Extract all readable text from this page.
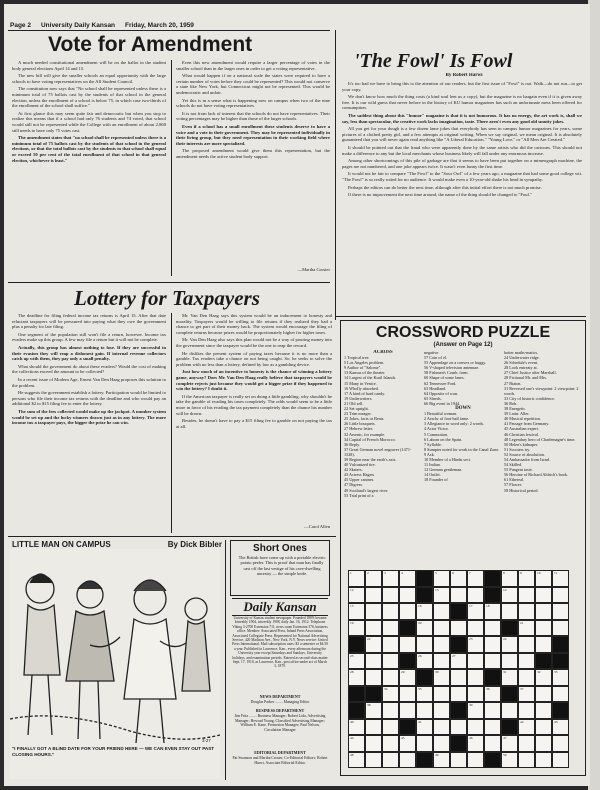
Page 2 University Daily Kansan Friday, March 20, 1959
Vote for Amendment

A much needed constitutional amendment will be on the ballot in the student body general elections April 14 and 15.

The new bill will give the smaller schools an equal opportunity with the large schools to have voting representatives on the All Student Council.

The constitution now says that "No school shall be represented unless there is a minimum total of 75 ballots cast by the students of that school in the general election, unless the enrollment of a school is below 75, in which case two-thirds of the enrollment of the school shall suffice."

At first glance this may seem quite fair and democratic but when you stop to realize this means that if a school had only 76 students and 74 voted, that school would still not be represented while the College with an enrollment of about 2,860 still needs to have only 75 votes cast.

The amendment states that "no school shall be represented unless there is a minimum total of 75 ballots cast by the students of that school in the general elections, or that the total ballots cast by the students in that school shall equal or exceed 50 per cent of the total enrollment of that school in that general election, whichever is least."

Even this new amendment would require a larger percentage of votes in the smaller school than in the larger ones in order to get a voting representative.

What would happen if on a national scale the states were required to have a certain number of votes before they could be represented? This would not conserve a state like New York, but Connecticut might not be represented. This would be undemocratic and unfair.

Yet this is in a sense what is happening now on campus when two of the nine schools do not have voting representatives.

It is not from lack of interest that the schools do not have representatives. Their voting percentages may be higher than those of the larger schools.

Even if a school has a small enrollment these students deserve to have a voice and a vote in their government. They may be represented individually in their living group, but they need representation in their working field where their interests are more specialized.

The proposed amendment would give them this representation, but the amendment needs the active student body support.

—Martha Crosier
'The Fowl' Is Fowl
By Robert Harwi

It's too bad we have to bring this to the attention of our readers, but the first issue of "Fowl" is out. Walk—do not run—to get your copy.

We don't know how much the thing costs (a kind soul lent us a copy), but the magazine is no bargain even if it is given away free. It is our wild guess that never before in the history of KU humor magazines has such an unfortunate mess been offered for consumption.

The saddest thing about this "humor" magazine is that it is not humorous. It has no energy, the art work is, shall we say, less than spectacular, the creative work lacks imagination, taste. There aren't even any good old smutty jokes.

All you get for your dough is a few dozen lame jokes that everybody has seen in campus humor magazines for years, some pictures of a clothed pretty girl, and a few attempts at original writing. When we say original, we mean original. It is absolutely guaranteed that you will never again read anything like "A Liberal Education," "Young Love," or "All Men Are Created."

It should be pointed out that the fraud who were apparently done by the same artists who did the cartoons. This should not make a difference to any but the local merchants whose business likely will fall under any enormous increase.

Among other shortcomings of this pile of garbage are that it seems to have been put together on a mimeograph machine, the pages are not numbered, and one joke appears twice. It wasn't even funny the first time.

It would not be fair to compare "The Fowl" to the "Sour Owl" of a few years ago, a magazine that had some good college wit. "The Fowl" is so really rotted for no audience. It would make even a 10-year-old shake his head in sympathy.

Perhaps the editors can do better the next time, although after this initial effort there is not much promise.

If there is no improvement the next time around, the name of the thing should be changed to "Foul."

Lottery for Taxpayers

The deadline for filing federal income tax returns is April 15. After that date reluctant taxpayers will be pressured into paying what they owe the government plus a penalty for late filing.

One segment of the population still won't file a return, however. Income tax evaders make up this group. A few may file a return but it will not be complete.

Actually, this group has almost nothing to lose. If they are successful in their evasion they will reap a dishonest gain. If internal revenue collectors catch up with them, they pay only a small penalty.

What should the government do about these evaders? Would the cost of making the collections exceed the amount to be collected?

In a recent issue of Modern Age, Ernest Van Den Haag proposes this solution to the problem.

He suggests the government establish a lottery. Participation would be limited to persons who file their income tax returns with the deadline and who would pay an additional $2 to $15 filing fee to enter the lottery.

The sum of the fees collected would make up the jackpot. A number system would be set up and the lucky winners drawn just as in any lottery. The more income tax a taxpayer pays, the bigger the prize he can win.

Mr. Van Den Haag says this system would be an inducement to honesty and morality. Taxpayers would be willing to file returns if they realized they had a chance to get part of their money back. The system would encourage the filing of complete returns because prizes would be proportionately higher for higher taxes.

Mr. Van Den Haag also says this plan would not be a way of pouring money into the government since the taxpayer would be the one to reap the reward.

He dislikes the present system of paying taxes because it is no more than a gamble. Tax evaders take a chance on not being caught. So, he seeks to solve the problem with no less than a lottery, defined by law as a gambling device.

Just how much of an incentive to honesty is the chance of winning a lottery game, anyway? Does Mr. Van Den Haag really believe that taxpayers would be complete rejects just because they would get a bigger prize if they happened to win the lottery? I doubt it.

If the American taxpayer is really set on doing a little gambling, why shouldn't he take the gamble of evading his taxes completely. The odds would seem to be a little more in favor of his evading the tax payment completely than the chance his number will be drawn.

Besides, he doesn't have to pay a $15 filing fee to gamble on not paying the tax at all.

—Carol Allen
LITTLE MAN ON CAMPUS	By Dick Bibler
"I FINALLY GOT A BLIND DATE FOR YOUR FRIEND HERE — WE CAN EVEN STAY OUT PAST CLOSING HOURS."
3-27
Short Ones
The British have come up with a portable electric potato peeler. This is proof that man has finally cast off the last vestige of his cave-dwelling ancestry — the simple knife.
Daily Kansan
University of Kansas student newspaper. Founded 1889; became biweekly 1904, triweekly 1908, daily Jan. 16, 1912. Telephone Viking 3-2700 Extension 711, news room Extension 376, business office. Member: Associated Press, Inland Press Association, Associated Collegiate Press. Represented for National Advertising Service, 420 Madison Ave., New York, N.Y. News service: United Press International. Mail subscription rates: $3 a semester or $4.50 a year. Published in Lawrence, Kan., every afternoon during the University year except Saturdays and Sundays, University holidays, and examination periods. Entered as second-class matter Sept. 17, 1910, at Lawrence, Kan., post office under act of March 3, 1879.
NEWS DEPARTMENT
Douglas Parker ........ Managing Editor
BUSINESS DEPARTMENT
Jim Fritz ........ Business Manager; Robert Lida, Advertising Manager; Howard Young, Classified Advertising Manager; William E. Kane, Promotion Manager; Paul Nelson, Circulation Manager
EDITORIAL DEPARTMENT
Pat Swanson and Martha Crosier, Co-Editorial Editors; Robert Harwi, Associate Editorial Editor.
CROSSWORD PUZZLE
(Answer on Page 12)
ACROSS
1 Tropical tree.
5 Los Angeles problem.
9 Author of "Salome".
13 Kansas of the theater.
14 Largest of the Kuril Islands.
15 Many in Venice.
16 Wholly absorbed.
17 A kind of hard candy.
19 Underwriters.
21 Old sell.
22 Set upright.
23 Trim meager.
25 Jokes, facts or Beats.
26 Little bouquets.
27 Hebrew letter.
32 Arsenic, for example.
34 Capital of French Morocco.
36 Reply.
37 Great German novel engraver (1471-1528).
39 Region near the earth's axis.
40 Vulcanized tire.
42 Skaters.
43 Actress Hagen.
45 Upper canines.
47 Digress.
49 Scotland's largest river.
53 Trial print of a
negative.
57 Coin of el.
55 Appendage on a convex or buggy.
56 V-shaped television antennae.
58 Fishmen's Comb. form.
60 Shape of some lanes.
62 Tennessee Ford.
63 Headland.
64 Opposite of wan.
65 Shreds.
66 Big event in 1944.
DOWN
1 Beautiful woman.
2 Aeschr of foot-ball fame.
3 Allegiance in word only: 2 words.
4 Actor Victor.
5 Commotion.
6 Laborn on the Spain.
7 Syllable.
8 Sumpter noted for work in the Canal Zone.
9 Ask.
10 Member of a Hindu sect.
11 Indian.
12 German gentleman.
14 Outlet.
18 Founder of
hotter maths-matics.
24 Underwater ridge.
26 Schedule's event.
28 Look entreaty at.
27 Chief Justice after Marshall.
28 Fictional Mr. and Mrs.
27 Biaton.
31 Reversed one's viewpoint: 2 viewpoint: 2 words.
33 City of historic confidence.
36 Rob.
38 Energetic.
39 Latin: Aller.
40 Musical repetition.
41 Passage from Germany.
45 Australian expert.
46 Christian festival.
48 Legendary hero of Charlemagne's time.
50 Helen's kidnaper.
51 Scooters try.
52 Source of absolution.
54 Ambassador from Israel.
54 Skilled.
55 Pungent taste.
56 Heroine of Richard Aldrich's book.
61 Ethereal.
57 Flower.
58 Historical period.
1	2	3	4	5	6	7	8	9	10	11
12	13	14
15	16	17	18
19	20	21
22	23	24
25	26	27
28	29	30	31	32	33
34	35	36	37
38	39
40	41	42	43
44	45	46	47
48	49	50
